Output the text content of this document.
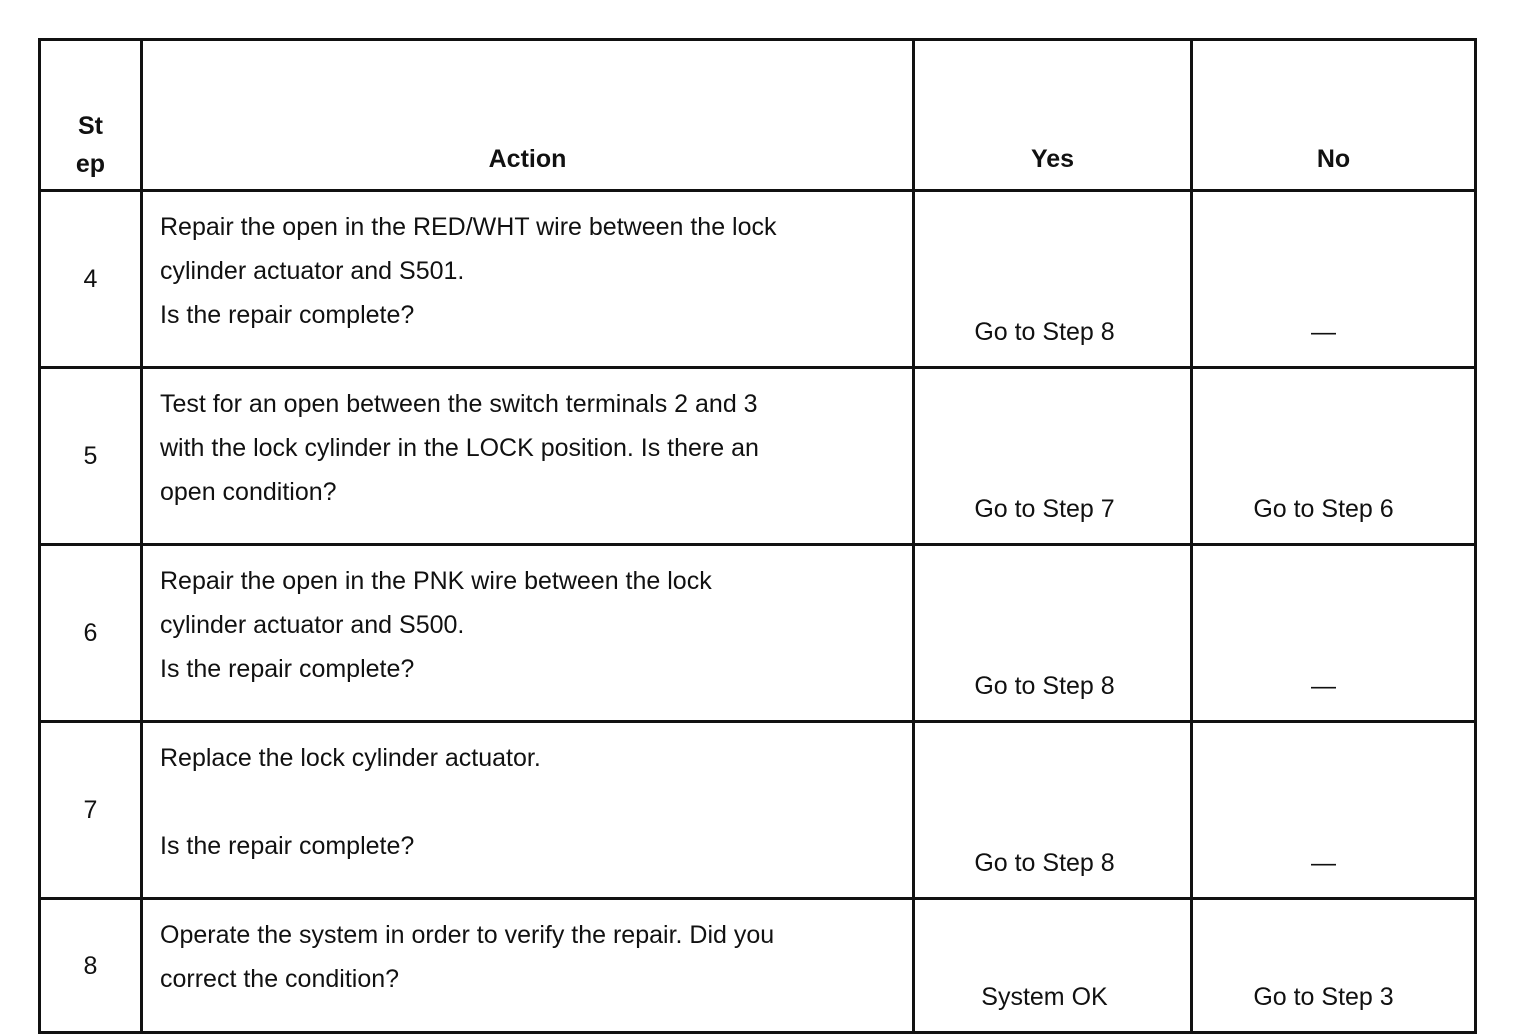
St
ep	Action	Yes	No
4	Repair the open in the RED/WHT wire between the lock
cylinder actuator and S501.
Is the repair complete?	Go to Step 8	—
5	Test for an open between the switch terminals 2 and 3
with the lock cylinder in the LOCK position. Is there an
open condition?	Go to Step 7	Go to Step 6
6	Repair the open in the PNK wire between the lock
cylinder actuator and S500.
Is the repair complete?	Go to Step 8	—
7	Replace the lock cylinder actuator.
Is the repair complete?	Go to Step 8	—
8	Operate the system in order to verify the repair. Did you
correct the condition?	System OK	Go to Step 3
